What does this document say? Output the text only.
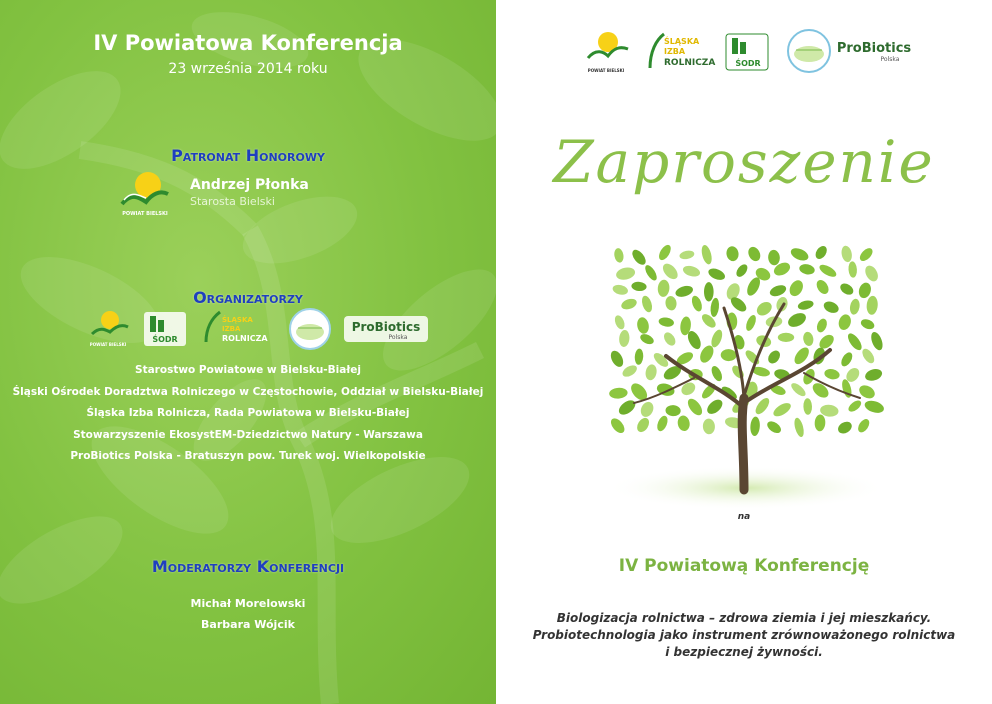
IV Powiatowa Konferencja
23 września 2014 roku
Patronat Honorowy
POWIAT BIELSKI
Andrzej Płonka
Starosta Bielski
Organizatorzy
POWIAT BIELSKI
ŚODR
ŚLĄSKA
IZBA
ROLNICZA
ProBiotics
Polska
Starostwo Powiatowe w Bielsku-Białej
Śląski Ośrodek Doradztwa Rolniczego w Częstochowie, Oddział w Bielsku-Białej
Śląska Izba Rolnicza, Rada Powiatowa w Bielsku-Białej
Stowarzyszenie EkosystEM-Dziedzictwo Natury - Warszawa
ProBiotics Polska - Bratuszyn pow. Turek woj. Wielkopolskie
Moderatorzy Konferencji
Michał Morelowski
Barbara Wójcik
POWIAT BIELSKI
ŚLĄSKA
IZBA
ROLNICZA	ŚODR
ProBiotics
Polska
Zaproszenie
na
IV Powiatową Konferencję
Biologizacja rolnictwa – zdrowa ziemia i jej mieszkańcy.
Probiotechnologia jako instrument zrównoważonego rolnictwa
i bezpiecznej żywności.
